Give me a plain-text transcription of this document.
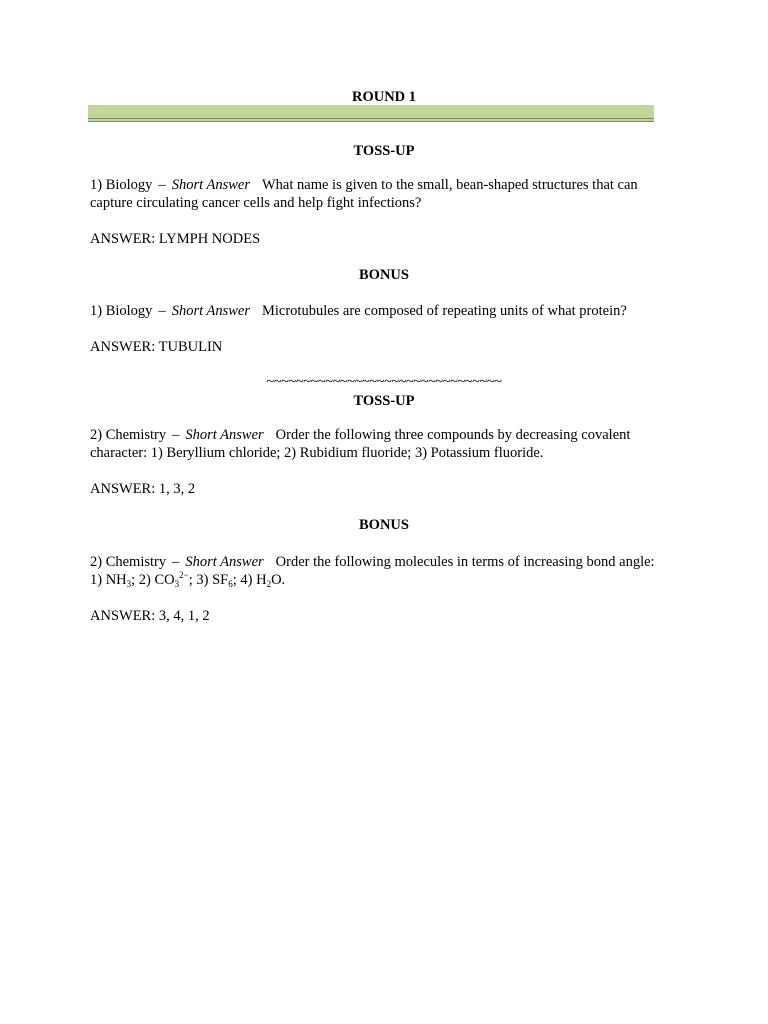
ROUND 1
TOSS-UP
1) Biology – Short Answer What name is given to the small, bean-shaped structures that can capture circulating cancer cells and help fight infections?
ANSWER: LYMPH NODES
BONUS
1) Biology – Short Answer Microtubules are composed of repeating units of what protein?
ANSWER: TUBULIN
~~~~~~~~~~~~~~~~~~~~~~~~~~~~~~~~
TOSS-UP
2) Chemistry – Short Answer Order the following three compounds by decreasing covalent character: 1) Beryllium chloride; 2) Rubidium fluoride; 3) Potassium fluoride.
ANSWER: 1, 3, 2
BONUS
2) Chemistry – Short Answer Order the following molecules in terms of increasing bond angle: 1) $NH_3$; 2) $CO_3^{2-}$; 3) $SF_6$; 4) $H_2O$.
ANSWER: 3, 4, 1, 2
